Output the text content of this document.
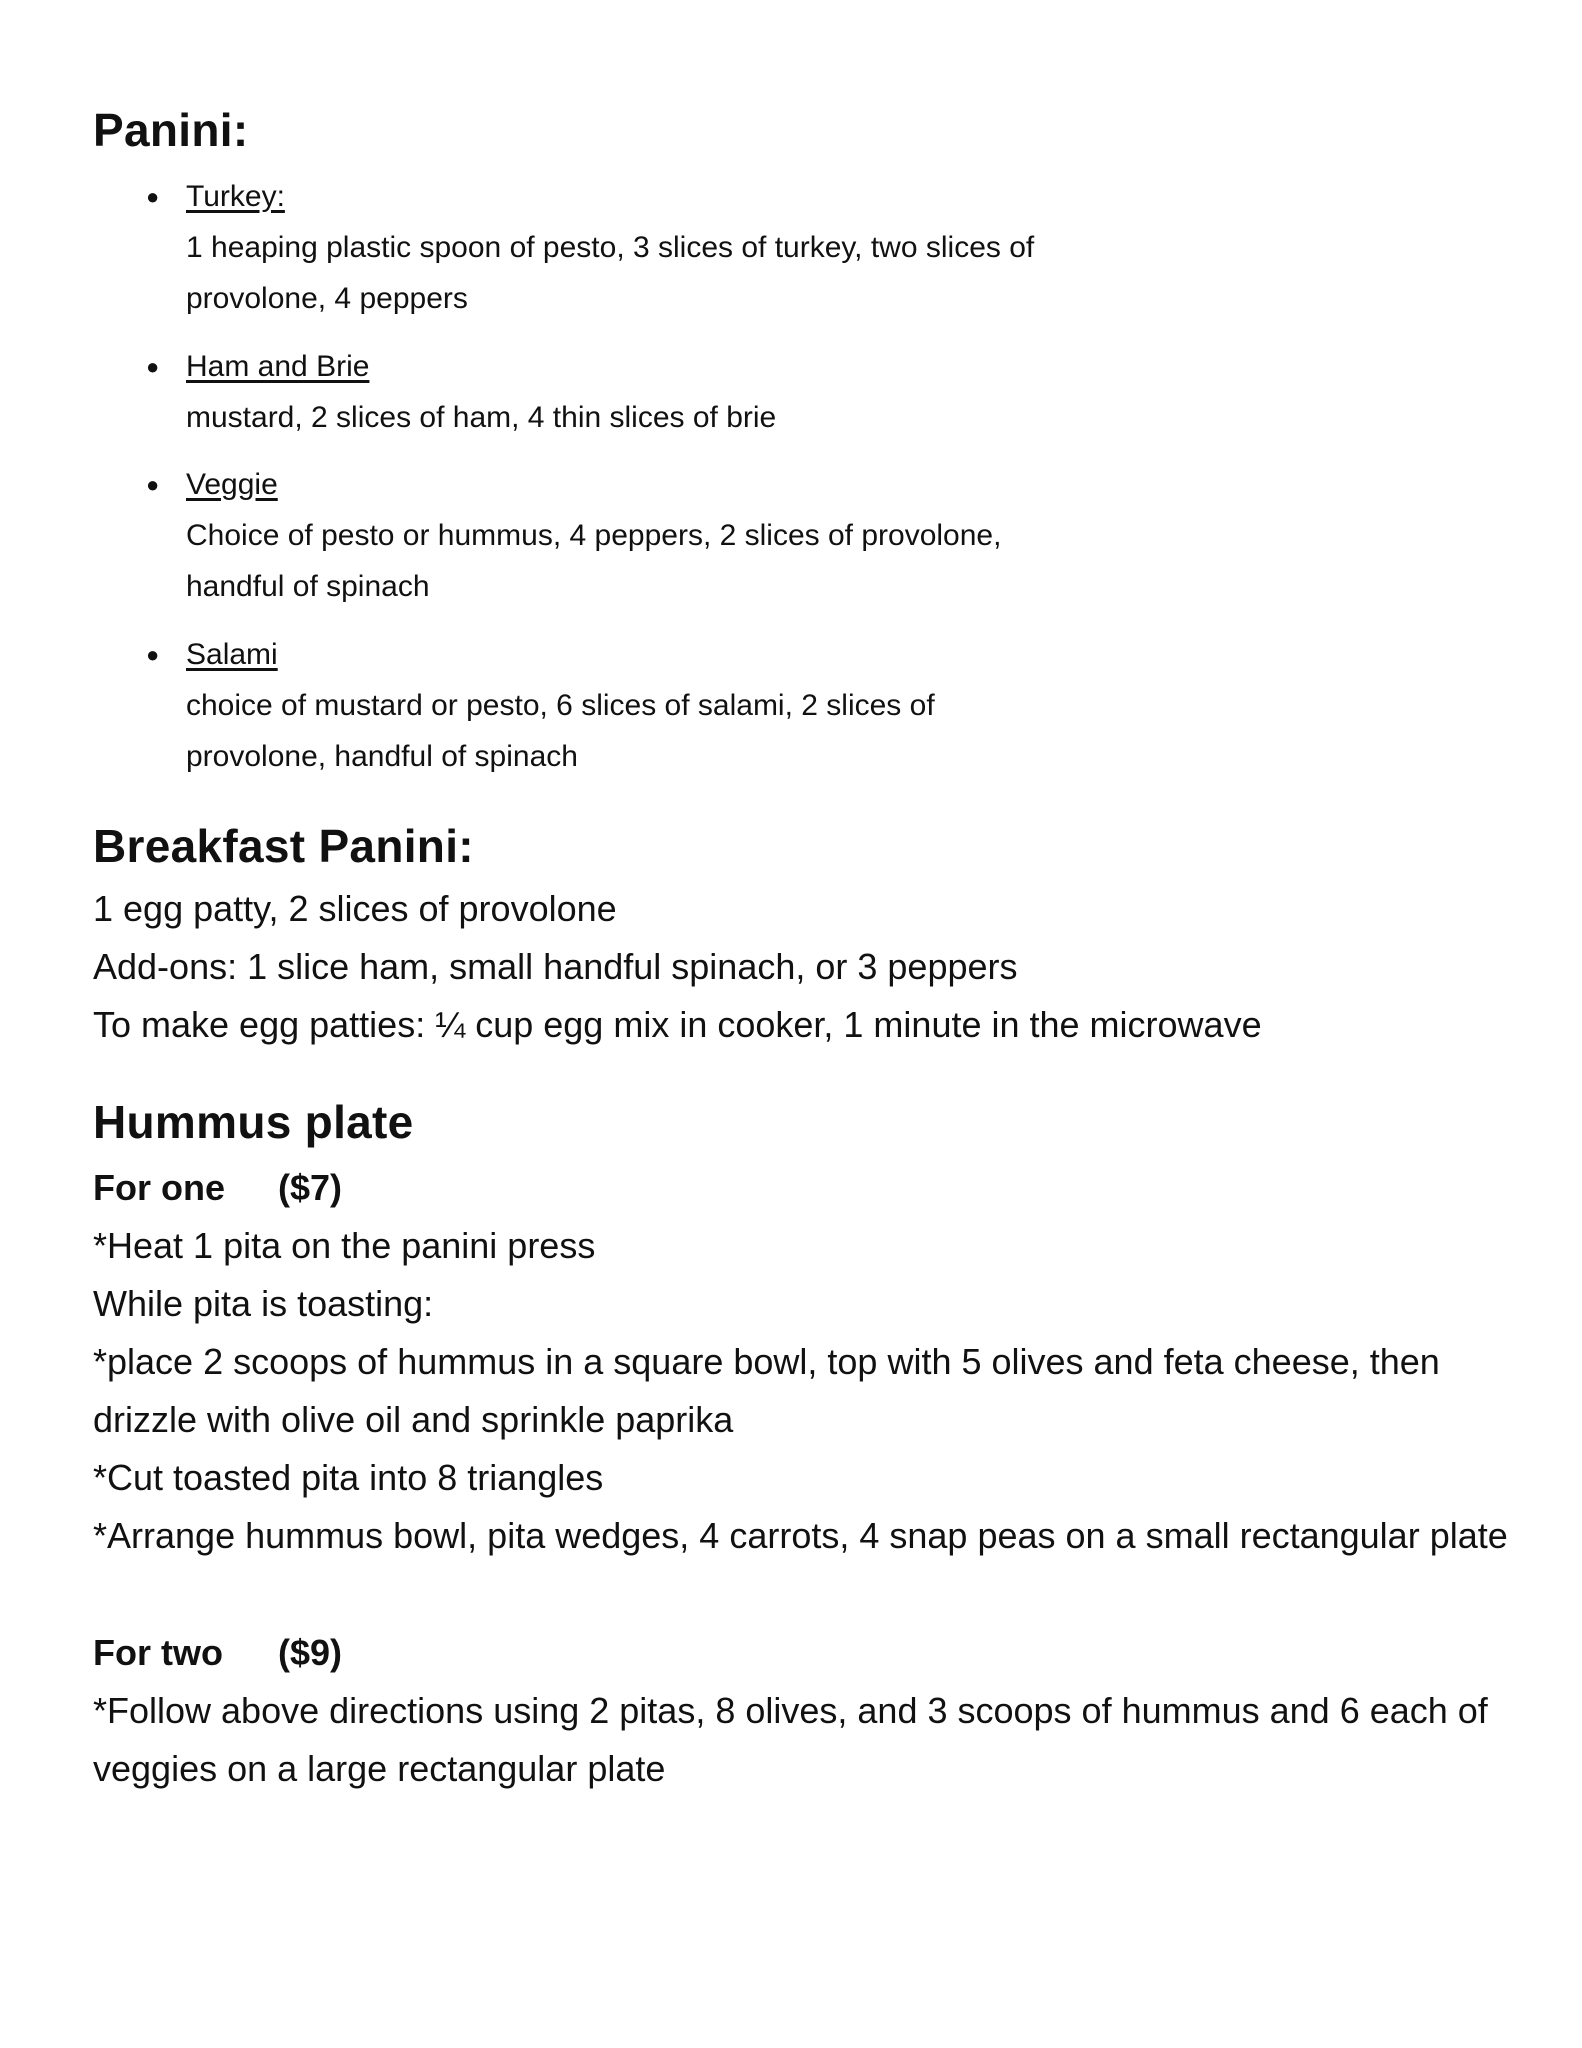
Panini:
● Turkey:
1 heaping plastic spoon of pesto, 3 slices of turkey, two slices of provolone, 4 peppers
● Ham and Brie
mustard, 2 slices of ham, 4 thin slices of brie
● Veggie
Choice of pesto or hummus, 4 peppers, 2 slices of provolone, handful of spinach
● Salami
choice of mustard or pesto, 6 slices of salami, 2 slices of provolone, handful of spinach
Breakfast Panini:
1 egg patty, 2 slices of provolone
Add-ons: 1 slice ham, small handful spinach, or 3 peppers
To make egg patties: ¼ cup egg mix in cooker, 1 minute in the microwave
Hummus plate
For one ($7)
*Heat 1 pita on the panini press
While pita is toasting:
*place 2 scoops of hummus in a square bowl, top with 5 olives and feta cheese, then drizzle with olive oil and sprinkle paprika
*Cut toasted pita into 8 triangles
*Arrange hummus bowl, pita wedges, 4 carrots, 4 snap peas on a small rectangular plate
For two ($9)
*Follow above directions using 2 pitas, 8 olives, and 3 scoops of hummus and 6 each of veggies on a large rectangular plate
